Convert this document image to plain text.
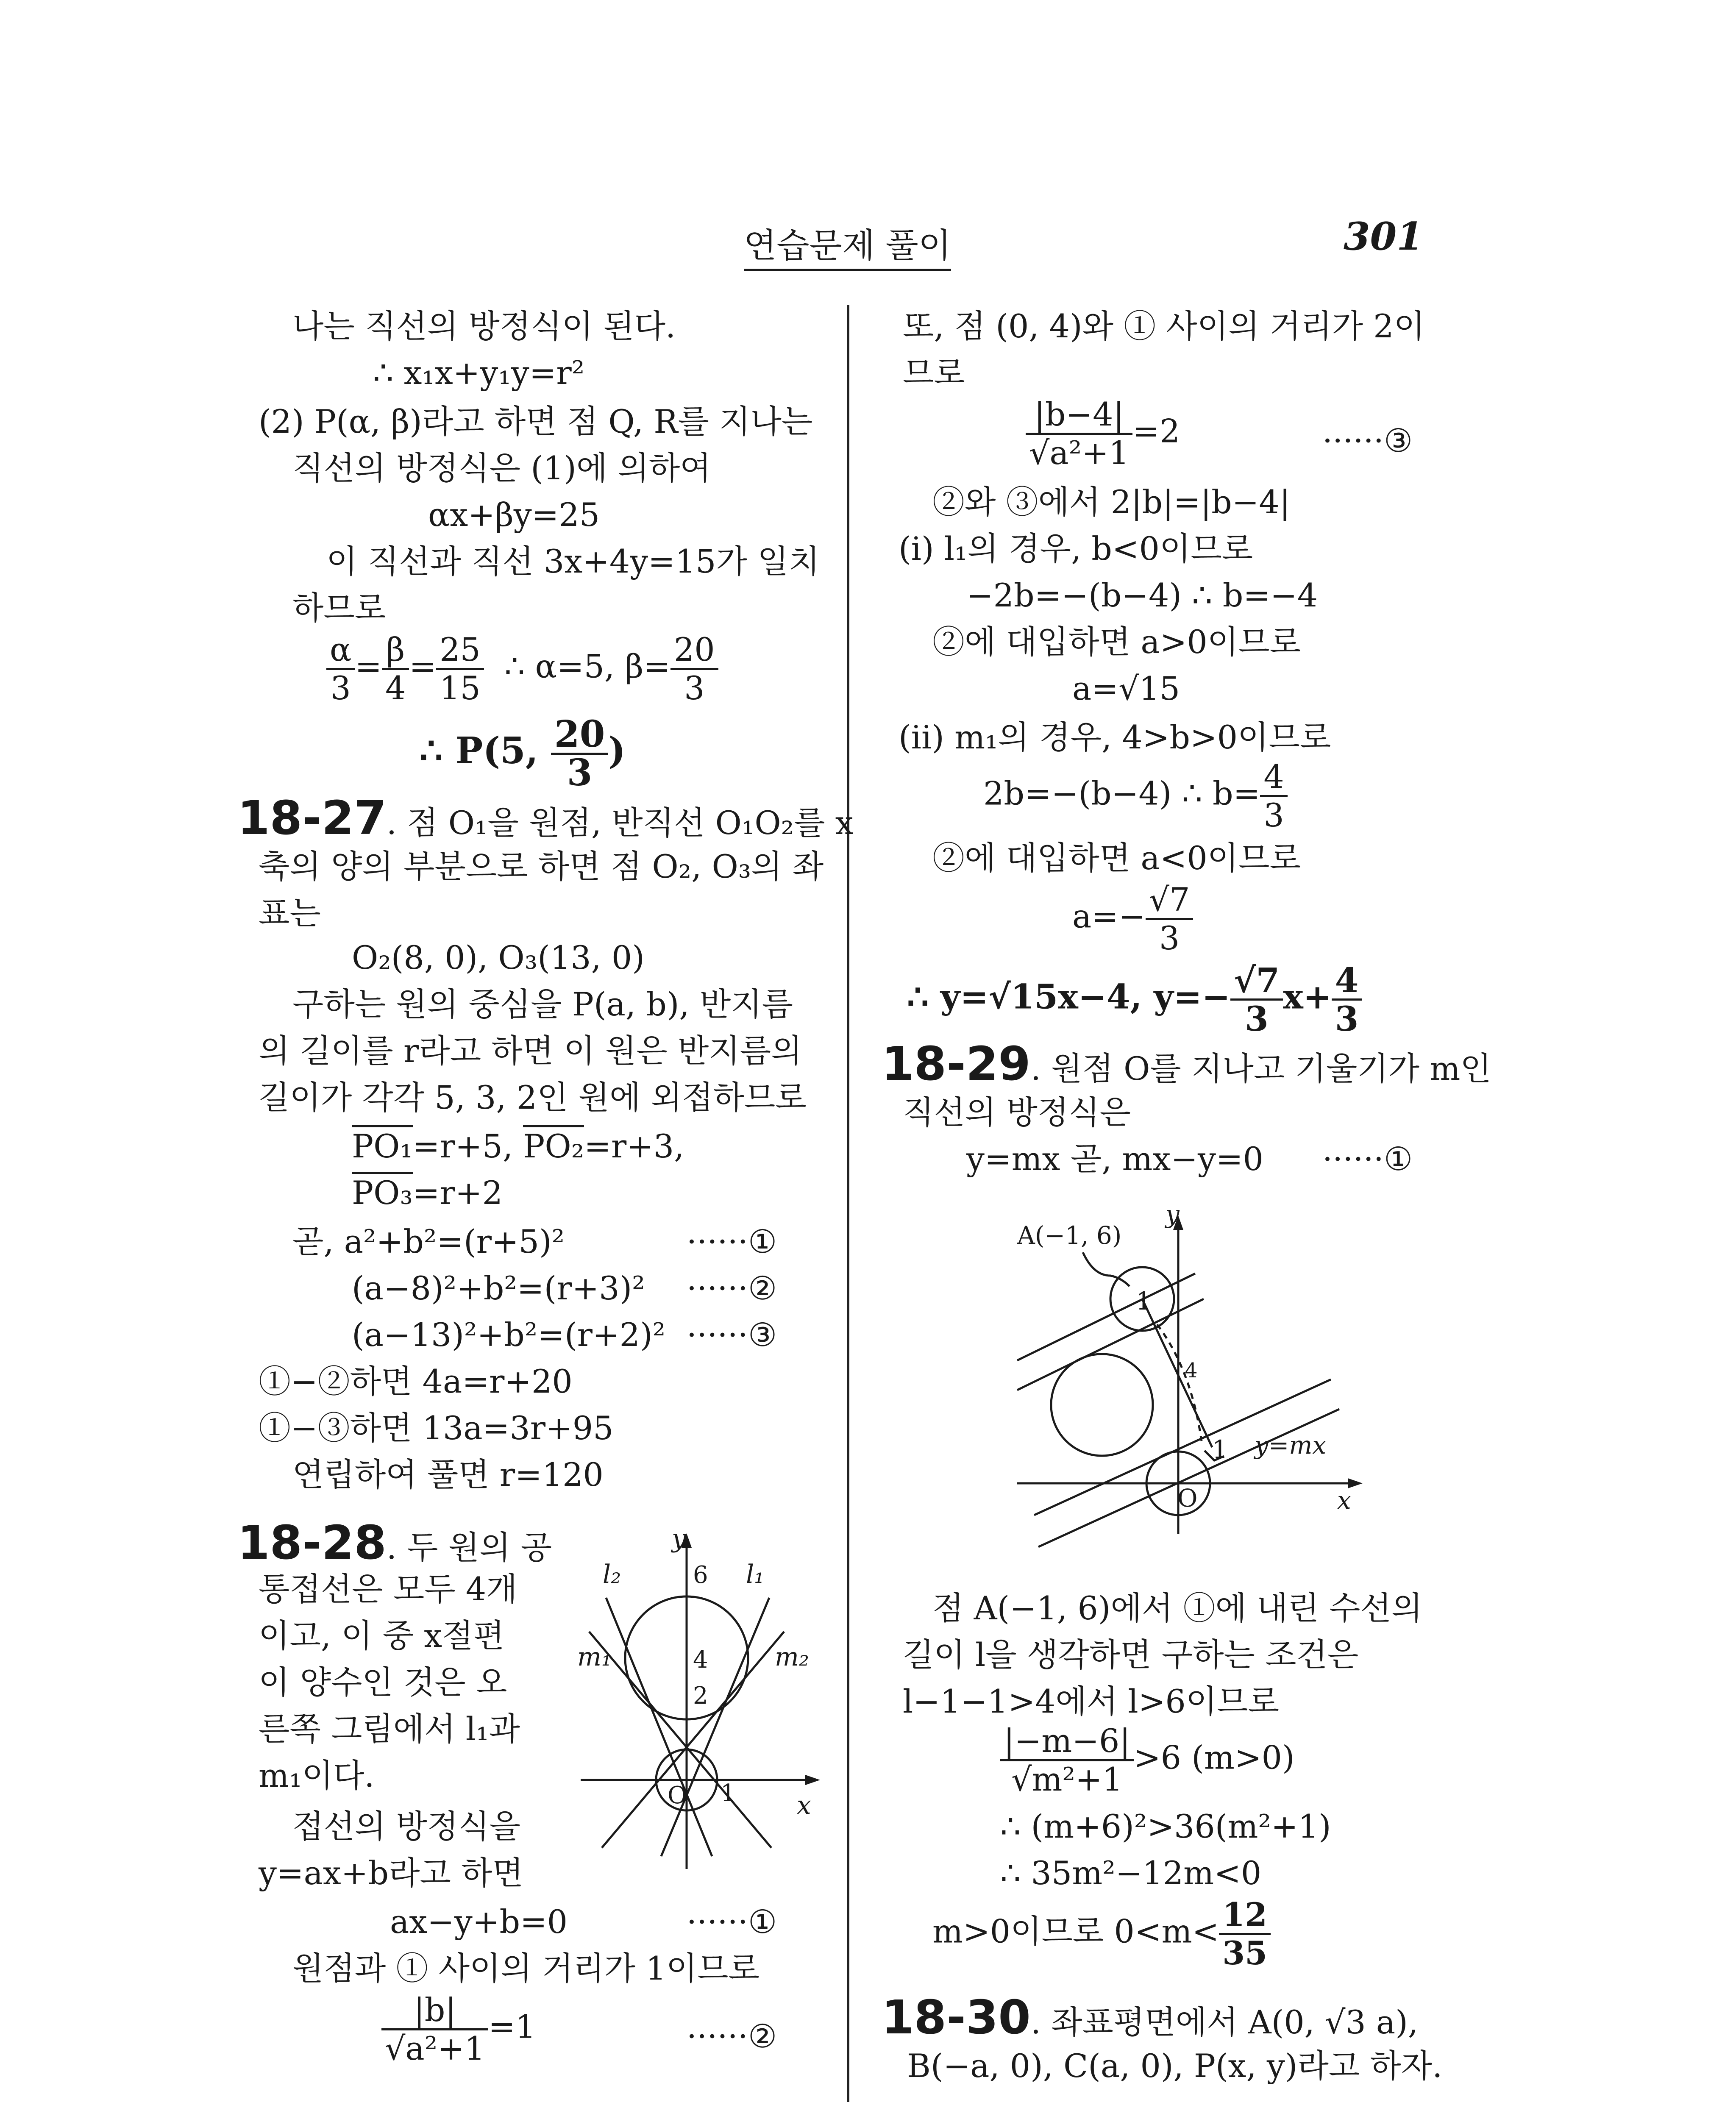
연습문제 풀이	301
나는 직선의 방정식이 된다.
∴ x₁x+y₁y=r²
(2) P(α, β)라고 하면 점 Q, R를 지나는
직선의 방정식은 (1)에 의하여
αx+βy=25
이 직선과 직선 3x+4y=15가 일치
하므로
$\frac{\alpha}{3} = \frac{\beta}{4} = \frac{25}{15}$ ∴ α=5, $\beta= \frac{20}{3}$
∴ P(5, $\frac{20}{3}$ )
18-27. 점 O₁을 원점, 반직선 O₁O₂를 x
축의 양의 부분으로 하면 점 O₂, O₃의 좌
표는
O₂(8, 0), O₃(13, 0)
구하는 원의 중심을 P(a, b), 반지름
의 길이를 r라고 하면 이 원은 반지름의
길이가 각각 5, 3, 2인 원에 외접하므로
PO₁=r+5, PO₂=r+3,
PO₃=r+2
곧, a²+b²=(r+5)²	······①
(a−8)²+b²=(r+3)² ······②
(a−13)²+b²=(r+2)² ······③
①−②하면 4a=r+20
①−③하면 13a=3r+95
연립하여 풀면 r=120
18-28. 두 원의 공
통접선은 모두 4개
이고, 이 중 x절편
이 양수인 것은 오
른쪽 그림에서 l₁과
m₁이다.
접선의 방정식을
y=ax+b라고 하면
ax−y+b=0	······①
원점과 ① 사이의 거리가 1이므로
$\frac{|b|}{\text{√a²+1}} =1$	······②
y
x
l₂	l₁
m₁	m₂
6
4
2
1
O
또, 점 (0, 4)와 ① 사이의 거리가 2이
므로
$\frac{|b-4|}{\text{√a²+1}} =2$	······③
②와 ③에서 2|b|=|b−4|
(i) l₁의 경우, b<0이므로
−2b=−(b−4) ∴ b=−4
②에 대입하면 a>0이므로
a=√15
(ii) m₁의 경우, 4>b>0이므로
2b=−(b−4) ∴ $b= \frac{4}{3}$
②에 대입하면 a<0이므로
$a=- \frac{√7}{3}$
∴ y=√15x−4, $y=- \frac{√7}{3} x+ \frac{4}{3}$
18-29. 원점 O를 지나고 기울기가 m인
직선의 방정식은
y=mx 곧, mx−y=0 ······①
y
x
A(−1, 6)
y=mx
1
4
1
O
점 A(−1, 6)에서 ①에 내린 수선의
길이 l을 생각하면 구하는 조건은
l−1−1>4에서 l>6이므로
$\frac{|-m-6|}{\text{√m²+1}} >6$ (m>0)
∴ (m+6)²>36(m²+1)
∴ 35m²−12m<0
m>0이므로 $0<m< \frac{12}{35}$
18-30. 좌표평면에서 A(0, √3 a),
B(−a, 0), C(a, 0), P(x, y)라고 하자.
